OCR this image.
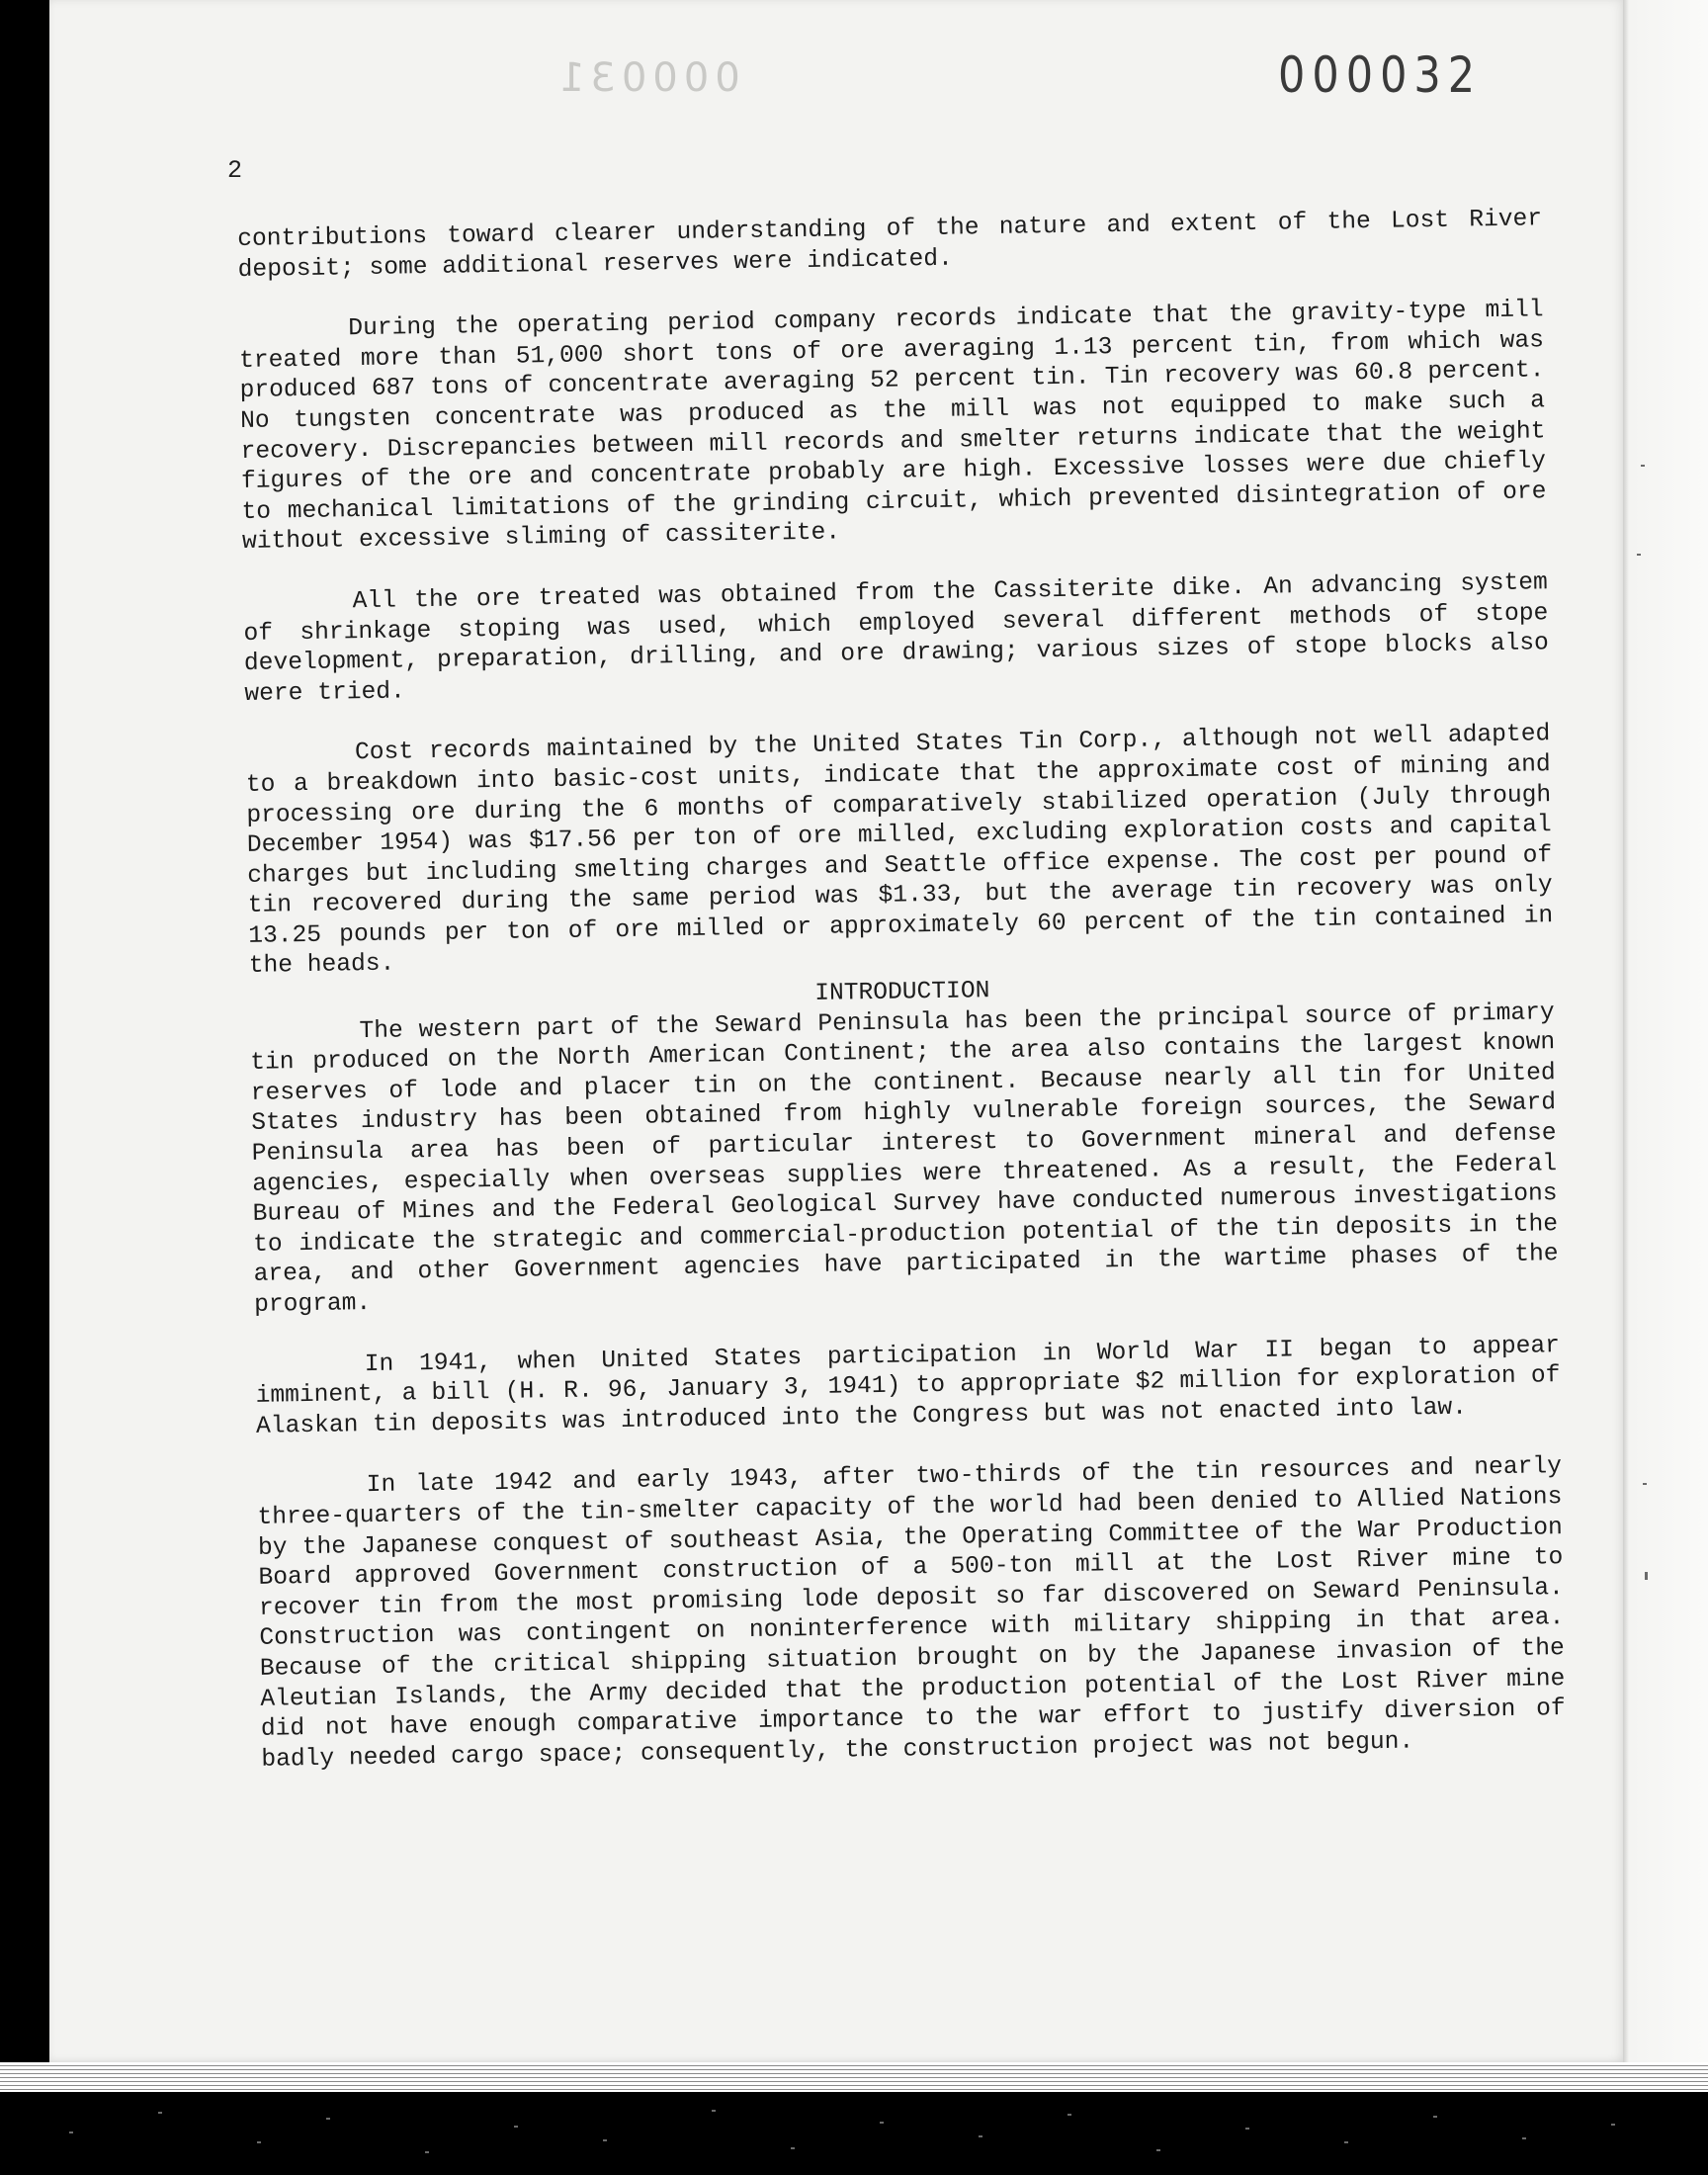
000031	000032
2

contributions toward clearer understanding of the nature and extent of the Lost River deposit; some additional reserves were indicated.

During the operating period company records indicate that the gravity-type mill treated more than 51,000 short tons of ore averaging 1.13 percent tin, from which was produced 687 tons of concentrate averaging 52 percent tin. Tin recovery was 60.8 percent. No tungsten concentrate was produced as the mill was not equipped to make such a recovery. Discrepancies between mill records and smelter returns indicate that the weight figures of the ore and concentrate probably are high. Excessive losses were due chiefly to mechanical limitations of the grinding circuit, which prevented disintegration of ore without excessive sliming of cassiterite.

All the ore treated was obtained from the Cassiterite dike. An advancing system of shrinkage stoping was used, which employed several different methods of stope development, preparation, drilling, and ore drawing; various sizes of stope blocks also were tried.

Cost records maintained by the United States Tin Corp., although not well adapted to a breakdown into basic-cost units, indicate that the approximate cost of mining and processing ore during the 6 months of comparatively stabilized operation (July through December 1954) was $17.56 per ton of ore milled, excluding exploration costs and capital charges but including smelting charges and Seattle office expense. The cost per pound of tin recovered during the same period was $1.33, but the average tin recovery was only 13.25 pounds per ton of ore milled or approximately 60 percent of the tin contained in the heads.

INTRODUCTION

The western part of the Seward Peninsula has been the principal source of primary tin produced on the North American Continent; the area also contains the largest known reserves of lode and placer tin on the continent. Because nearly all tin for United States industry has been obtained from highly vulnerable foreign sources, the Seward Peninsula area has been of particular interest to Government mineral and defense agencies, especially when overseas supplies were threatened. As a result, the Federal Bureau of Mines and the Federal Geological Survey have conducted numerous investigations to indicate the strategic and commercial-production potential of the tin deposits in the area, and other Government agencies have participated in the wartime phases of the program.

In 1941, when United States participation in World War II began to appear imminent, a bill (H. R. 96, January 3, 1941) to appropriate $2 million for exploration of Alaskan tin deposits was introduced into the Congress but was not enacted into law.

In late 1942 and early 1943, after two-thirds of the tin resources and nearly three-quarters of the tin-smelter capacity of the world had been denied to Allied Nations by the Japanese conquest of southeast Asia, the Operating Committee of the War Production Board approved Government construction of a 500-ton mill at the Lost River mine to recover tin from the most promising lode deposit so far discovered on Seward Peninsula. Construction was contingent on noninterference with military shipping in that area. Because of the critical shipping situation brought on by the Japanese invasion of the Aleutian Islands, the Army decided that the production potential of the Lost River mine did not have enough comparative importance to the war effort to justify diversion of badly needed cargo space; consequently, the construction project was not begun.
